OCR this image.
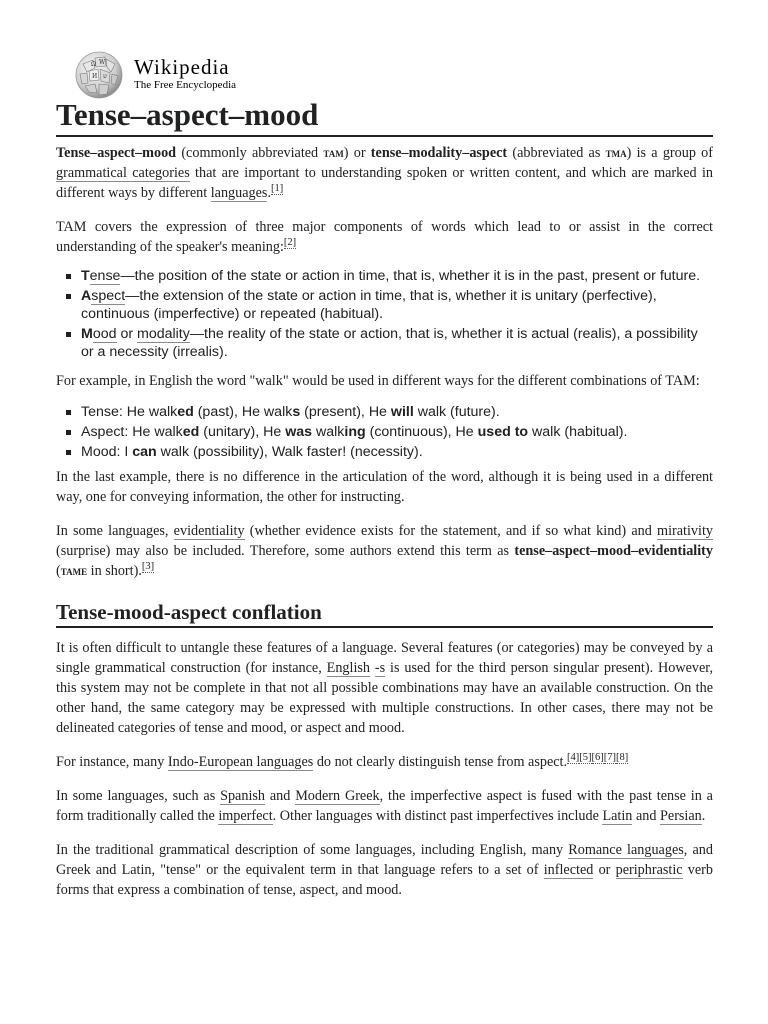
Ω W
И ש Wikipedia
The Free Encyclopedia
Tense–aspect–mood

Tense–aspect–mood (commonly abbreviated tam) or tense–modality–aspect (abbreviated as tma) is a group of grammatical categories that are important to understanding spoken or written content, and which are marked in different ways by different languages.[1]

TAM covers the expression of three major components of words which lead to or assist in the correct understanding of the speaker's meaning:[2]

Tense—the position of the state or action in time, that is, whether it is in the past, present or future.
Aspect—the extension of the state or action in time, that is, whether it is unitary (perfective), continuous (imperfective) or repeated (habitual).
Mood or modality—the reality of the state or action, that is, whether it is actual (realis), a possibility or a necessity (irrealis).

For example, in English the word "walk" would be used in different ways for the different combinations of TAM:

Tense: He walked (past), He walks (present), He will walk (future).
Aspect: He walked (unitary), He was walking (continuous), He used to walk (habitual).
Mood: I can walk (possibility), Walk faster! (necessity).

In the last example, there is no difference in the articulation of the word, although it is being used in a different way, one for conveying information, the other for instructing.

In some languages, evidentiality (whether evidence exists for the statement, and if so what kind) and mirativity (surprise) may also be included. Therefore, some authors extend this term as tense–aspect–mood–evidentiality (tame in short).[3]

Tense-mood-aspect conflation

It is often difficult to untangle these features of a language. Several features (or categories) may be conveyed by a single grammatical construction (for instance, English -s is used for the third person singular present). However, this system may not be complete in that not all possible combinations may have an available construction. On the other hand, the same category may be expressed with multiple constructions. In other cases, there may not be delineated categories of tense and mood, or aspect and mood.

For instance, many Indo-European languages do not clearly distinguish tense from aspect.[4][5][6][7][8]

In some languages, such as Spanish and Modern Greek, the imperfective aspect is fused with the past tense in a form traditionally called the imperfect. Other languages with distinct past imperfectives include Latin and Persian.

In the traditional grammatical description of some languages, including English, many Romance languages, and Greek and Latin, "tense" or the equivalent term in that language refers to a set of inflected or periphrastic verb forms that express a combination of tense, aspect, and mood.
